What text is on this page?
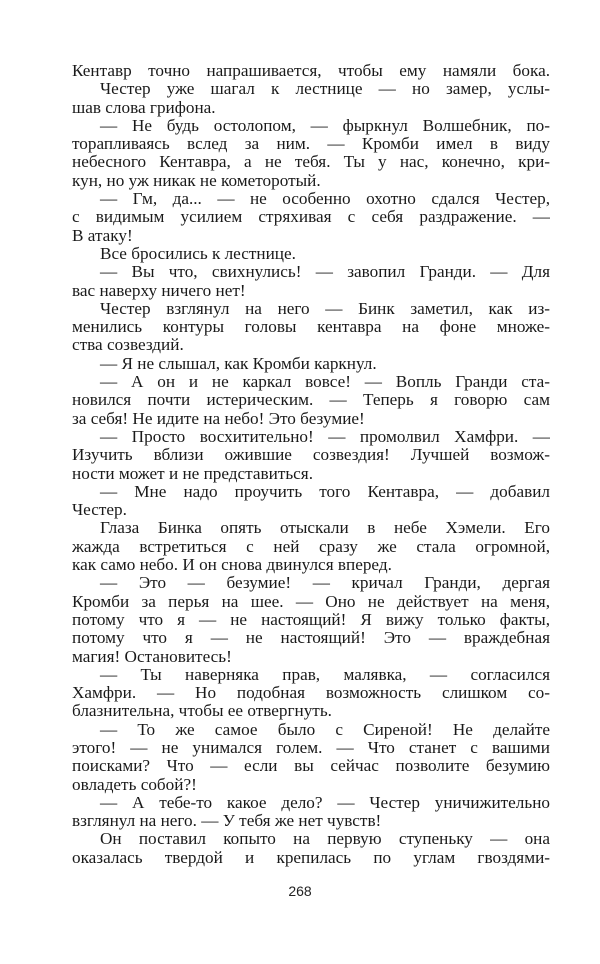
Кентавр точно напрашивается, чтобы ему намяли бока.
Честер уже шагал к лестнице — но замер, услы-
шав слова грифона.
— Не будь остолопом, — фыркнул Волшебник, по-
торапливаясь вслед за ним. — Кромби имел в виду
небесного Кентавра, а не тебя. Ты у нас, конечно, кри-
кун, но уж никак не кометоротый.
— Гм, да... — не особенно охотно сдался Честер,
с видимым усилием стряхивая с себя раздражение. —
В атаку!
Все бросились к лестнице.
— Вы что, свихнулись! — завопил Гранди. — Для
вас наверху ничего нет!
Честер взглянул на него — Бинк заметил, как из-
менились контуры головы кентавра на фоне множе-
ства созвездий.
— Я не слышал, как Кромби каркнул.
— А он и не каркал вовсе! — Вопль Гранди ста-
новился почти истерическим. — Теперь я говорю сам
за себя! Не идите на небо! Это безумие!
— Просто восхитительно! — промолвил Хамфри. —
Изучить вблизи ожившие созвездия! Лучшей возмож-
ности может и не представиться.
— Мне надо проучить того Кентавра, — добавил
Честер.
Глаза Бинка опять отыскали в небе Хэмели. Его
жажда встретиться с ней сразу же стала огромной,
как само небо. И он снова двинулся вперед.
— Это — безумие! — кричал Гранди, дергая
Кромби за перья на шее. — Оно не действует на меня,
потому что я — не настоящий! Я вижу только факты,
потому что я — не настоящий! Это — враждебная
магия! Остановитесь!
— Ты наверняка прав, малявка, — согласился
Хамфри. — Но подобная возможность слишком со-
блазнительна, чтобы ее отвергнуть.
— То же самое было с Сиреной! Не делайте
этого! — не унимался голем. — Что станет с вашими
поисками? Что — если вы сейчас позволите безумию
овладеть собой?!
— А тебе-то какое дело? — Честер уничижительно
взглянул на него. — У тебя же нет чувств!
Он поставил копыто на первую ступеньку — она
оказалась твердой и крепилась по углам гвоздями-
268
